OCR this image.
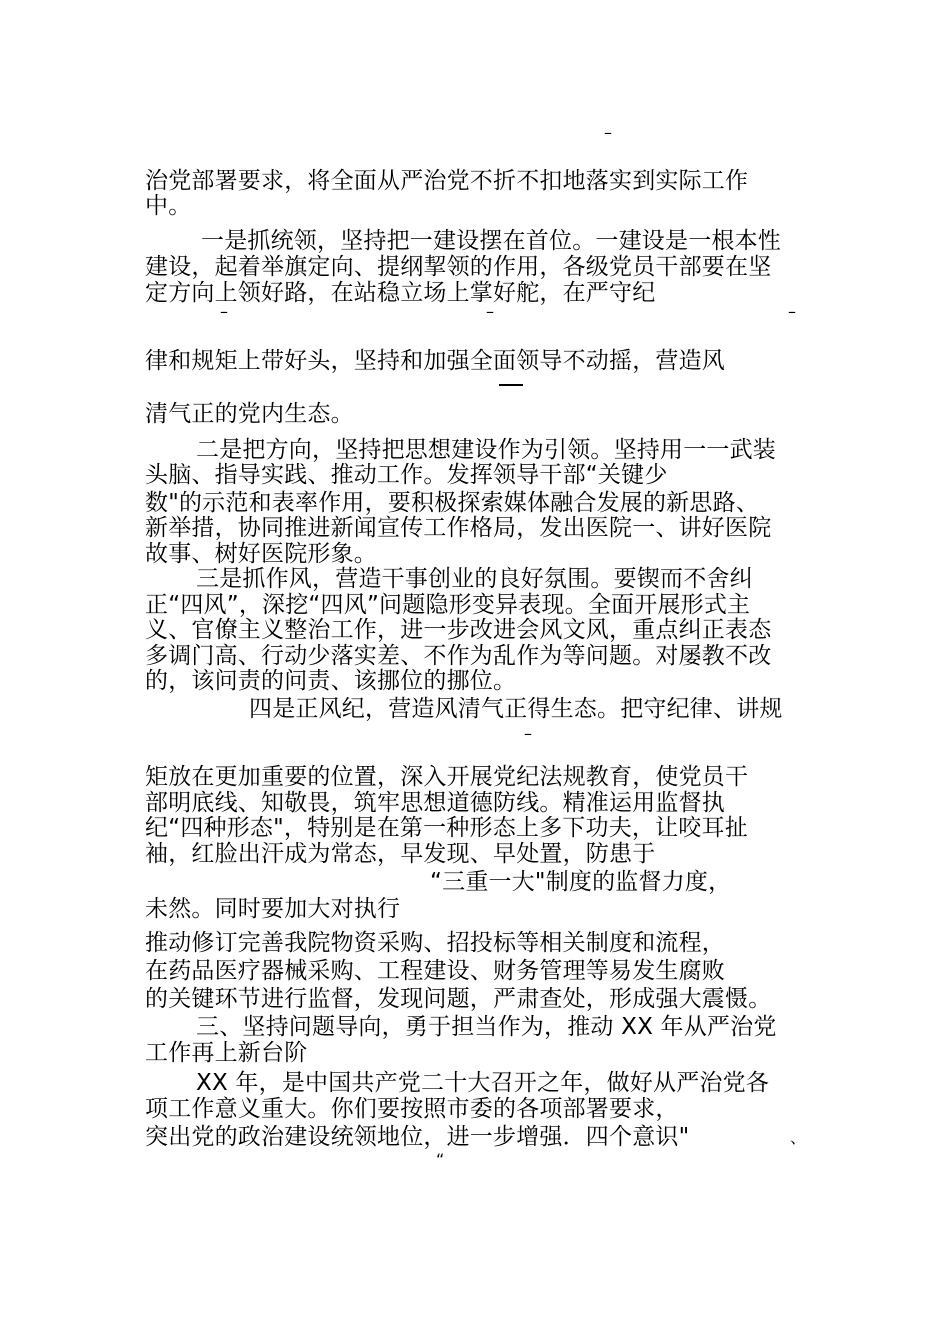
–
治党部署要求，将全面从严治党不折不扣地落实到实际工作
中。
一是抓统领，坚持把一建设摆在首位。一建设是一根本性
建设，起着举旗定向、提纲挈领的作用，各级党员干部要在坚
定方向上领好路，在站稳立场上掌好舵，在严守纪
–	–	–
律和规矩上带好头，坚持和加强全面领导不动摇，营造风
清气正的党内生态。
二是把方向，坚持把思想建设作为引领。坚持用一一武装
头脑、指导实践、推动工作。发挥领导干部“关键少
数"的示范和表率作用，要积极探索媒体融合发展的新思路、
新举措，协同推进新闻宣传工作格局，发出医院一、讲好医院
故事、树好医院形象。
三是抓作风，营造干事创业的良好氛围。要锲而不舍纠
正“四风”，深挖“四风”问题隐形变异表现。全面开展形式主
义、官僚主义整治工作，进一步改进会风文风，重点纠正表态
多调门高、行动少落实差、不作为乱作为等问题。对屡教不改
的，该问责的问责、该挪位的挪位。
四是正风纪，营造风清气正得生态。把守纪律、讲规
–
矩放在更加重要的位置，深入开展党纪法规教育，使党员干
部明底线、知敬畏，筑牢思想道德防线。精准运用监督执
纪“四种形态"，特别是在第一种形态上多下功夫，让咬耳扯
袖，红脸出汗成为常态，早发现、早处置，防患于
“三重一大"制度的监督力度，
未然。同时要加大对执行
推动修订完善我院物资采购、招投标等相关制度和流程，
在药品医疗器械采购、工程建设、财务管理等易发生腐败
的关键环节进行监督，发现问题，严肃查处，形成强大震慑。
三、坚持问题导向，勇于担当作为，推动 XX 年从严治党
工作再上新台阶
XX 年，是中国共产党二十大召开之年，做好从严治党各
项工作意义重大。你们要按照市委的各项部署要求，
突出党的政治建设统领地位，进一步增强．四个意识"	、
“
